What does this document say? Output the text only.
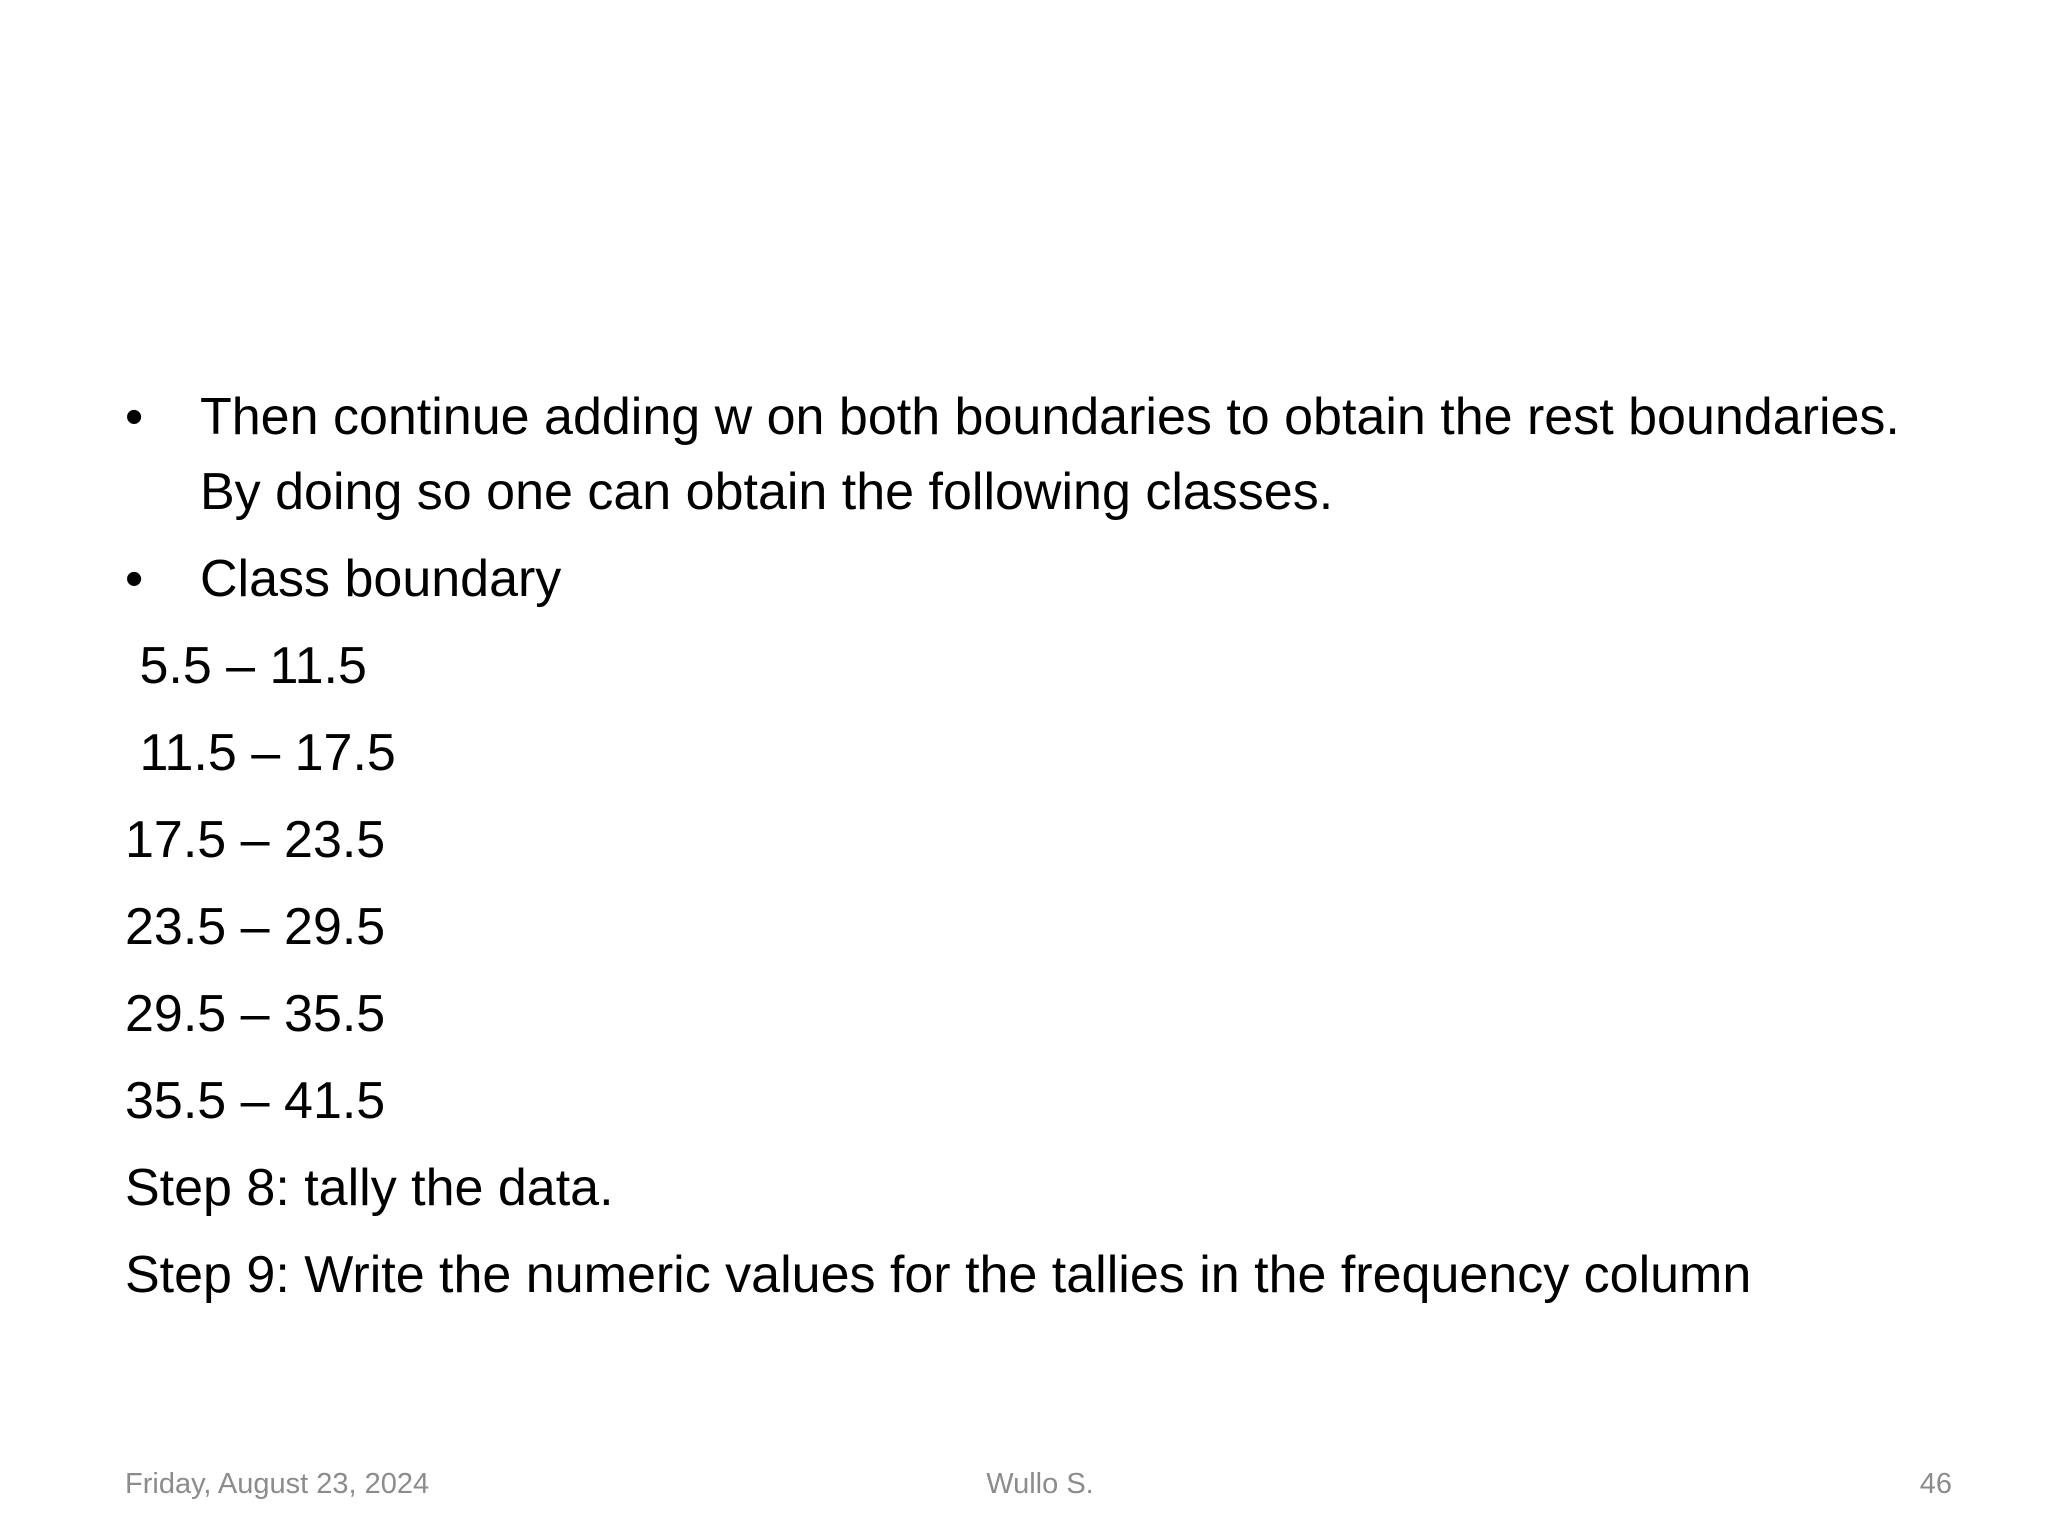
•	Then continue adding w on both boundaries to obtain the rest boundaries. By doing so one can obtain the following classes.
•	Class boundary
5.5 – 11.5
11.5 – 17.5
17.5 – 23.5
23.5 – 29.5
29.5 – 35.5
35.5 – 41.5
Step 8: tally the data.
Step 9: Write the numeric values for the tallies in the frequency column
Friday, August 23, 2024	Wullo S.	46
